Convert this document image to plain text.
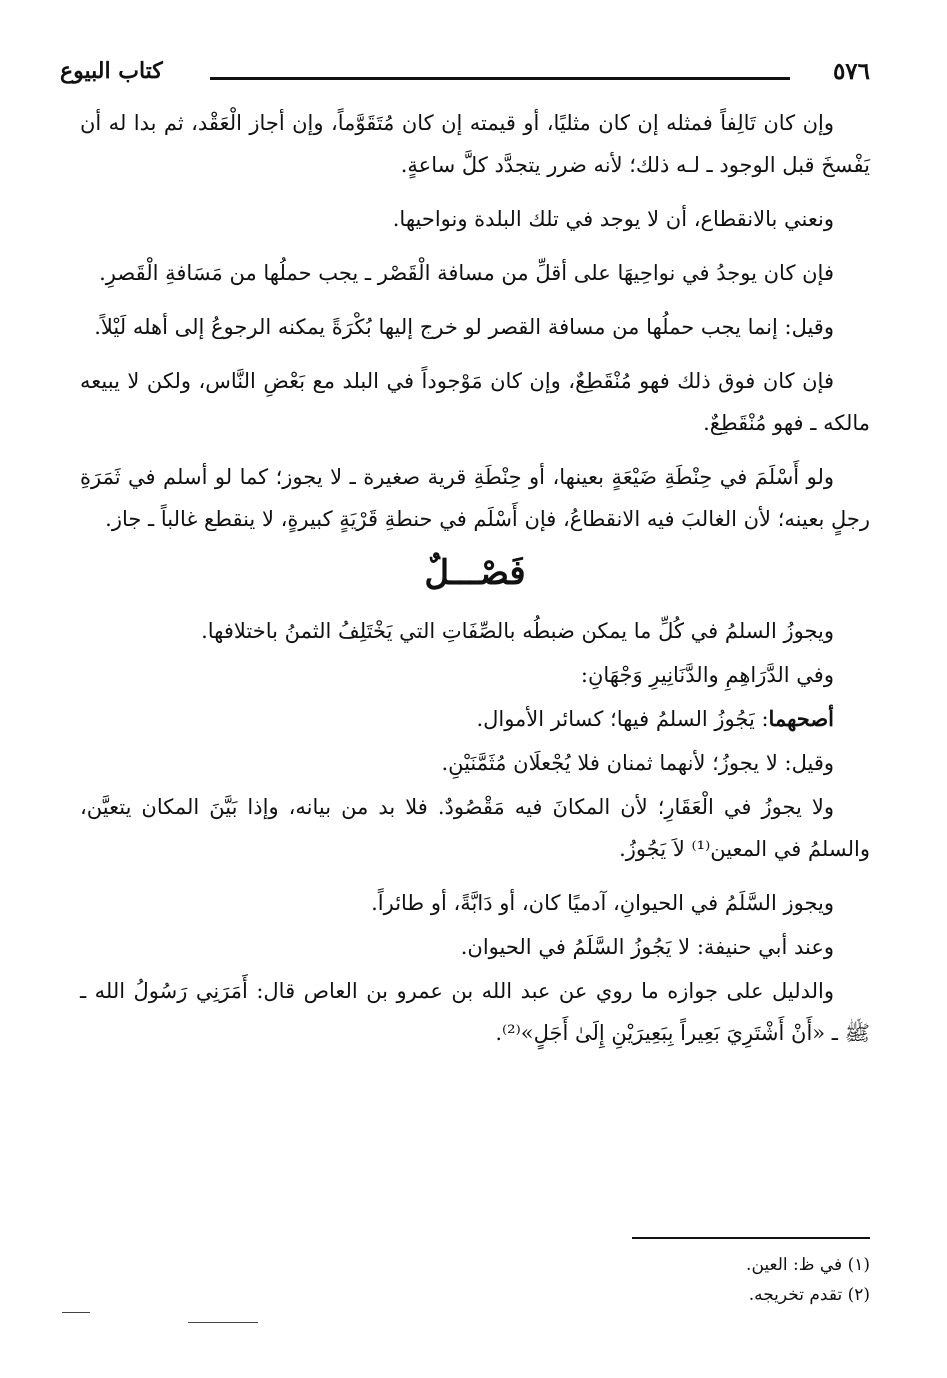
٥٧٦
كتاب البيوع

وإن كان تَالِفاً فمثله إن كان مثليًا، أو قيمته إن كان مُتَقَوَّماً، وإن أجاز الْعَقْد، ثم بدا له أن يَفْسخَ قبل الوجود ـ لـه ذلك؛ لأنه ضرر يتجدَّد كلَّ ساعةٍ.

ونعني بالانقطاع، أن لا يوجد في تلك البلدة ونواحيها.

فإن كان يوجدُ في نواحِيهَا على أقلِّ من مسافة الْقَصْر ـ يجب حملُها من مَسَافةِ الْقَصرِ.

وقيل: إنما يجب حملُها من مسافة القصر لو خرج إليها بُكْرَةً يمكنه الرجوعُ إلى أهله لَيْلاً.

فإن كان فوق ذلك فهو مُنْقَطِعٌ، وإن كان مَوْجوداً في البلد مع بَعْضِ النَّاس، ولكن لا يبيعه مالكه ـ فهو مُنْقَطِعٌ.

ولو أَسْلَمَ في حِنْطَةِ ضَيْعَةٍ بعينها، أو حِنْطَةِ قرية صغيرة ـ لا يجوز؛ كما لو أسلم في ثَمَرَةِ رجلٍ بعينه؛ لأن الغالبَ فيه الانقطاعُ، فإن أَسْلَم في حنطةِ قَرْيَةٍ كبيرةٍ، لا ينقطع غالباً ـ جاز.

فَصْـــلٌ

ويجوزُ السلمُ في كُلِّ ما يمكن ضبطُه بالصِّفَاتِ التي يَخْتَلِفُ الثمنُ باختلافها.

وفي الدَّرَاهِمِ والدَّنَانِيرِ وَجْهَانِ:

أصحهما: يَجُوزُ السلمُ فيها؛ كسائر الأموال.

وقيل: لا يجوزُ؛ لأنهما ثمنان فلا يُجْعلَان مُثَمَّنَيْنِ.

ولا يجوزُ في الْعَقَارِ؛ لأن المكانَ فيه مَقْصُودٌ. فلا بد من بيانه، وإذا بَيَّنَ المكان يتعيَّن، والسلمُ في المعين⁽¹⁾ لاَ يَجُوزُ.

ويجوز السَّلَمُ في الحيوانِ، آدميًا كان، أو دَابَّةً، أو طائراً.

وعند أبي حنيفة: لا يَجُوزُ السَّلَمُ في الحيوان.

والدليل على جوازه ما روي عن عبد الله بن عمرو بن العاص قال: أَمَرَنِي رَسُولُ الله ـ ﷺ ـ «أَنْ أَشْتَرِيَ بَعِيراً بِبَعِيرَيْنِ إِلَىٰ أَجَلٍ»⁽²⁾.

(١) في ظ: العين.
(٢) تقدم تخريجه.
